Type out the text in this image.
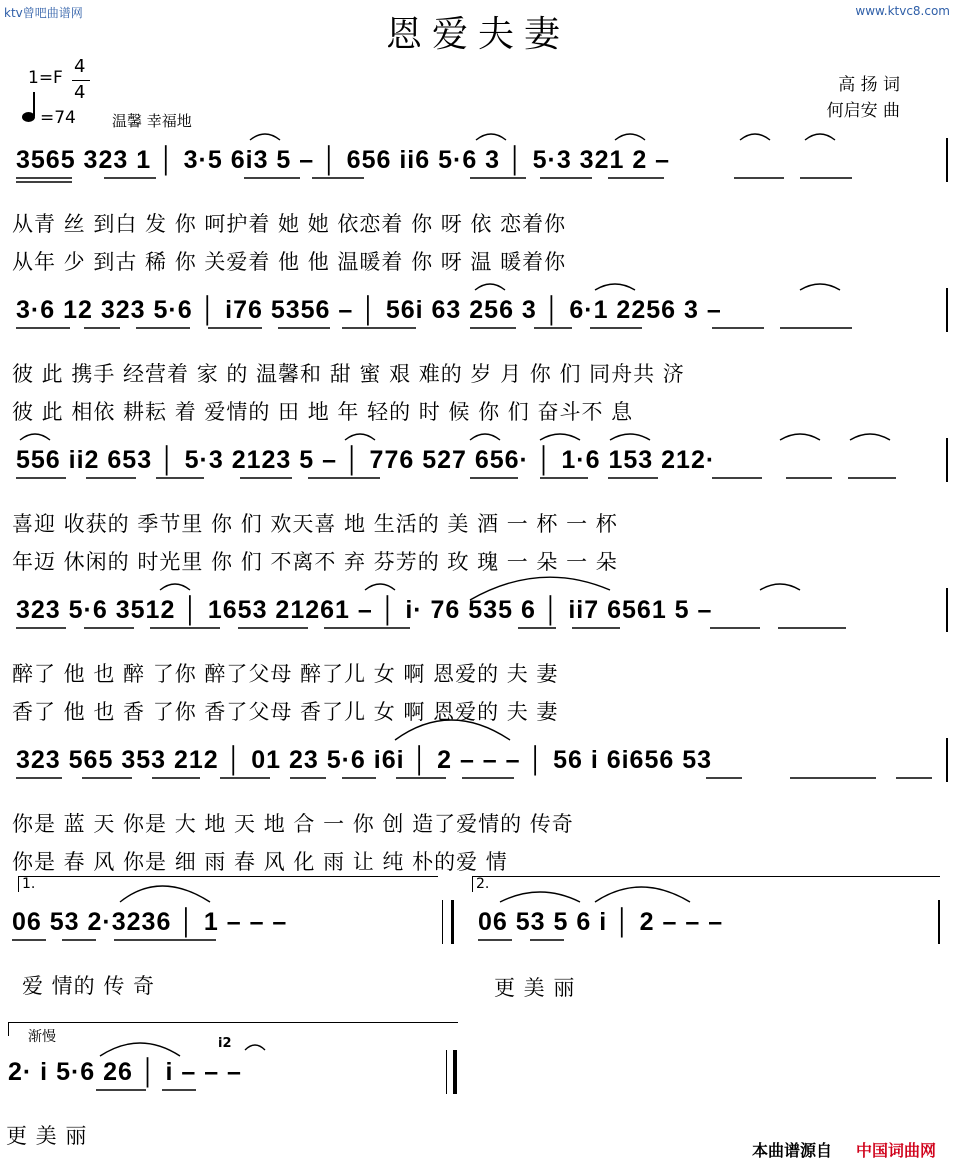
ktv曾吧曲谱网	www.ktvc8.com
恩爱夫妻
1=F
4
4
=74 温馨 幸福地
高 扬 词
何启安 曲
3565 323 1 │ 3·5 6i3 5 – │ 656 ii6 5·6 3 │ 5·3 321 2 –
从青 丝 到白 发 你 呵护着 她 她 依恋着 你 呀 依 恋着你
从年 少 到古 稀 你 关爱着 他 他 温暖着 你 呀 温 暖着你
3·6 12 323 5·6 │ i76 5356 – │ 56i 63 256 3 │ 6·1 2256 3 –
彼 此 携手 经营着 家 的 温馨和 甜 蜜 艰 难的 岁 月 你 们 同舟共 济
彼 此 相依 耕耘 着 爱情的 田 地 年 轻的 时 候 你 们 奋斗不 息
556 ii2 653 │ 5·3 2123 5 – │ 776 527 656· │ 1·6 153 212·
喜迎 收获的 季节里 你 们 欢天喜 地 生活的 美 酒 一 杯 一 杯
年迈 休闲的 时光里 你 们 不离不 弃 芬芳的 玫 瑰 一 朵 一 朵
323 5·6 3512 │ 1653 21261 – │ i· 76 535 6 │ ii7 6561 5 –
醉了 他 也 醉 了你 醉了父母 醉了儿 女 啊 恩爱的 夫 妻
香了 他 也 香 了你 香了父母 香了儿 女 啊 恩爱的 夫 妻
323 565 353 212 │ 01 23 5·6 i6i │ 2 – – – │ 56 i 6i656 53
你是 蓝 天 你是 大 地 天 地 合 一 你 创 造了爱情的 传奇
你是 春 风 你是 细 雨 春 风 化 雨 让 纯 朴的爱 情
1.	2.
06 53 2·3236 │ 1 – – –	06 53 5 6 i │ 2 – – –
爱 情的 传 奇	更 美 丽
渐慢	i2
2· i 5·6 26 │ i – – –
更 美 丽
本曲谱源自 中国词曲网
